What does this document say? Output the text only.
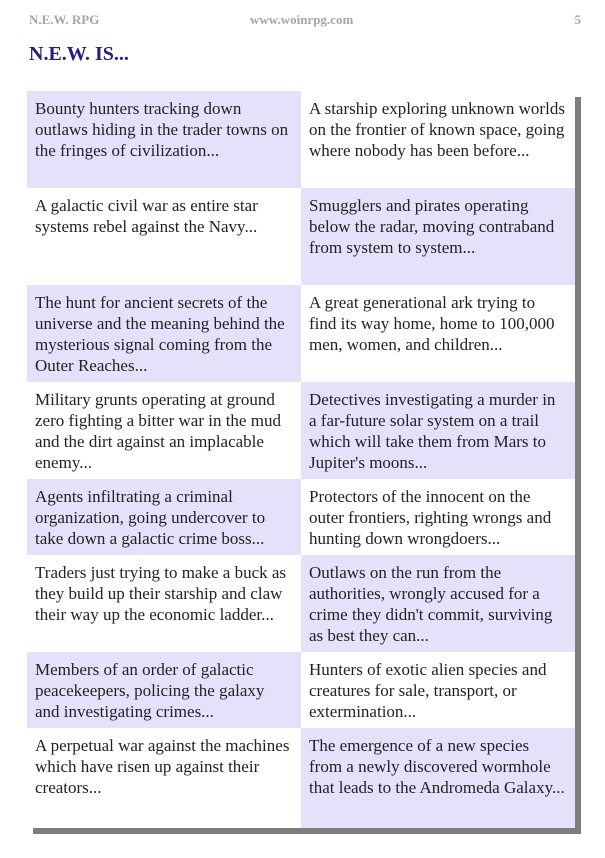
N.E.W. RPG	www.woinrpg.com	5
N.E.W. IS...
Bounty hunters tracking down outlaws hiding in the trader towns on the fringes of civilization...	A starship exploring unknown worlds on the frontier of known space, going where nobody has been before...
A galactic civil war as entire star systems rebel against the Navy...	Smugglers and pirates operating below the radar, moving contraband from system to system...
The hunt for ancient secrets of the universe and the meaning behind the mysterious signal coming from the Outer Reaches...	A great generational ark trying to find its way home, home to 100,000 men, women, and children...
Military grunts operating at ground zero fighting a bitter war in the mud and the dirt against an implacable enemy...	Detectives investigating a murder in a far-future solar system on a trail which will take them from Mars to Jupiter's moons...
Agents infiltrating a criminal organization, going undercover to take down a galactic crime boss...	Protectors of the innocent on the outer frontiers, righting wrongs and hunting down wrongdoers...
Traders just trying to make a buck as they build up their starship and claw their way up the economic ladder...	Outlaws on the run from the authorities, wrongly accused for a crime they didn't commit, surviving as best they can...
Members of an order of galactic peacekeepers, policing the galaxy and investigating crimes...	Hunters of exotic alien species and creatures for sale, transport, or extermination...
A perpetual war against the machines which have risen up against their creators...	The emergence of a new species from a newly discovered wormhole that leads to the Andromeda Galaxy...
